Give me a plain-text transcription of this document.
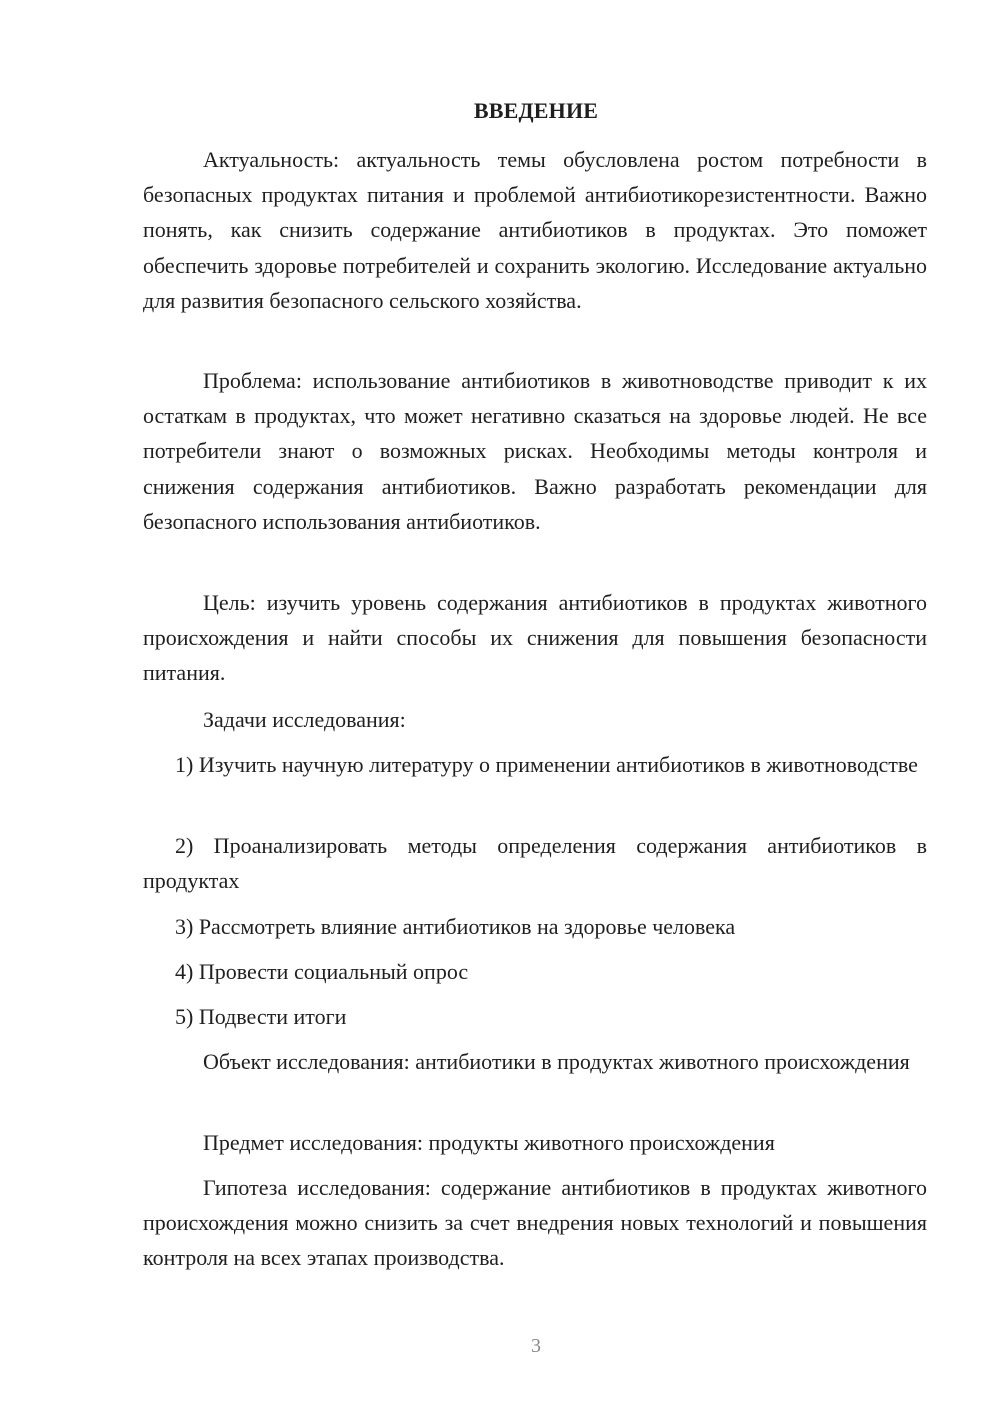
ВВЕДЕНИЕ

Актуальность: актуальность темы обусловлена ростом потребности в безопасных продуктах питания и проблемой антибиотикорезистентности. Важно понять, как снизить содержание антибиотиков в продуктах. Это поможет обеспечить здоровье потребителей и сохранить экологию. Исследование актуально для развития безопасного сельского хозяйства.

Проблема: использование антибиотиков в животноводстве приводит к их остаткам в продуктах, что может негативно сказаться на здоровье людей. Не все потребители знают о возможных рисках. Необходимы методы контроля и снижения содержания антибиотиков. Важно разработать рекомендации для безопасного использования антибиотиков.

Цель: изучить уровень содержания антибиотиков в продуктах животного происхождения и найти способы их снижения для повышения безопасности питания.

Задачи исследования:

1) Изучить научную литературу о применении антибиотиков в животноводстве

2) Проанализировать методы определения содержания антибиотиков в продуктах

3) Рассмотреть влияние антибиотиков на здоровье человека

4) Провести социальный опрос

5) Подвести итоги

Объект исследования: антибиотики в продуктах животного происхождения

Предмет исследования: продукты животного происхождения

Гипотеза исследования: содержание антибиотиков в продуктах животного происхождения можно снизить за счет внедрения новых технологий и повышения контроля на всех этапах производства.

3
